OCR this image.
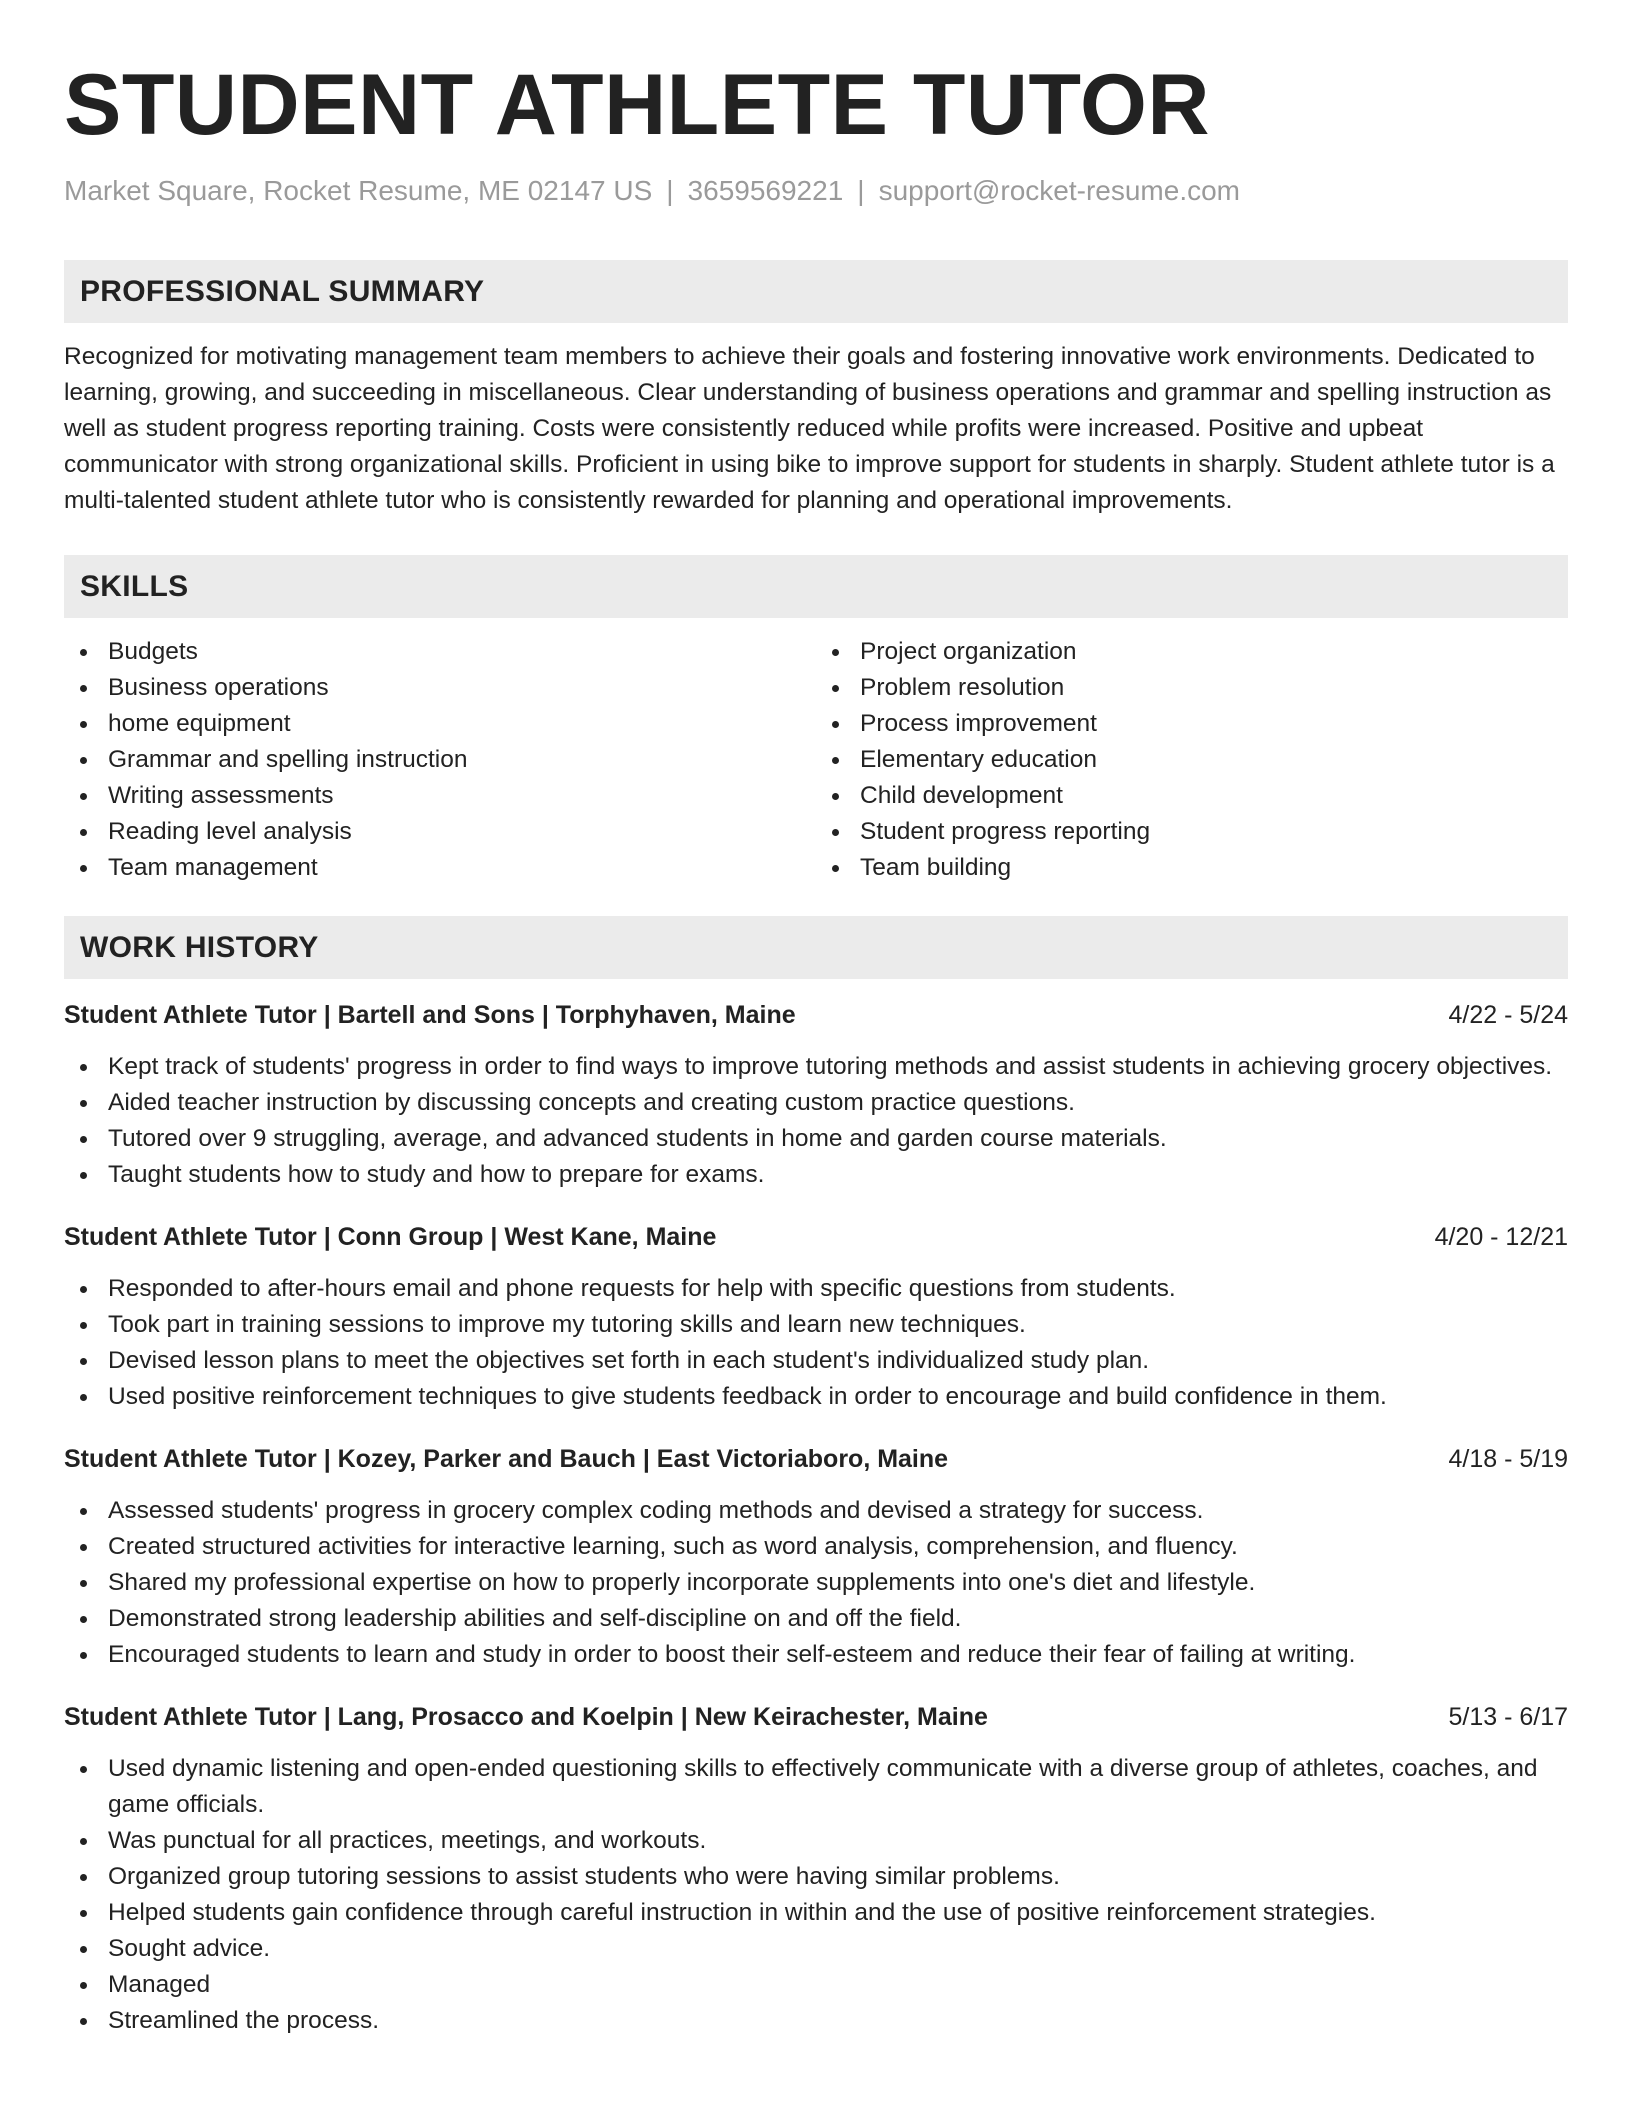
STUDENT ATHLETE TUTOR
Market Square, Rocket Resume, ME 02147 US | 3659569221 | support@rocket-resume.com
PROFESSIONAL SUMMARY
Recognized for motivating management team members to achieve their goals and fostering innovative work environments. Dedicated to learning, growing, and succeeding in miscellaneous. Clear understanding of business operations and grammar and spelling instruction as well as student progress reporting training. Costs were consistently reduced while profits were increased. Positive and upbeat communicator with strong organizational skills. Proficient in using bike to improve support for students in sharply. Student athlete tutor is a multi-talented student athlete tutor who is consistently rewarded for planning and operational improvements.
SKILLS
Budgets
Business operations
home equipment
Grammar and spelling instruction
Writing assessments
Reading level analysis
Team management
Project organization
Problem resolution
Process improvement
Elementary education
Child development
Student progress reporting
Team building
WORK HISTORY
Student Athlete Tutor | Bartell and Sons | Torphyhaven, Maine	4/22 - 5/24
Kept track of students' progress in order to find ways to improve tutoring methods and assist students in achieving grocery objectives.
Aided teacher instruction by discussing concepts and creating custom practice questions.
Tutored over 9 struggling, average, and advanced students in home and garden course materials.
Taught students how to study and how to prepare for exams.
Student Athlete Tutor | Conn Group | West Kane, Maine	4/20 - 12/21
Responded to after-hours email and phone requests for help with specific questions from students.
Took part in training sessions to improve my tutoring skills and learn new techniques.
Devised lesson plans to meet the objectives set forth in each student's individualized study plan.
Used positive reinforcement techniques to give students feedback in order to encourage and build confidence in them.
Student Athlete Tutor | Kozey, Parker and Bauch | East Victoriaboro, Maine	4/18 - 5/19
Assessed students' progress in grocery complex coding methods and devised a strategy for success.
Created structured activities for interactive learning, such as word analysis, comprehension, and fluency.
Shared my professional expertise on how to properly incorporate supplements into one's diet and lifestyle.
Demonstrated strong leadership abilities and self-discipline on and off the field.
Encouraged students to learn and study in order to boost their self-esteem and reduce their fear of failing at writing.
Student Athlete Tutor | Lang, Prosacco and Koelpin | New Keirachester, Maine	5/13 - 6/17
Used dynamic listening and open-ended questioning skills to effectively communicate with a diverse group of athletes, coaches, and game officials.
Was punctual for all practices, meetings, and workouts.
Organized group tutoring sessions to assist students who were having similar problems.
Helped students gain confidence through careful instruction in within and the use of positive reinforcement strategies.
Sought advice.
Managed
Streamlined the process.
